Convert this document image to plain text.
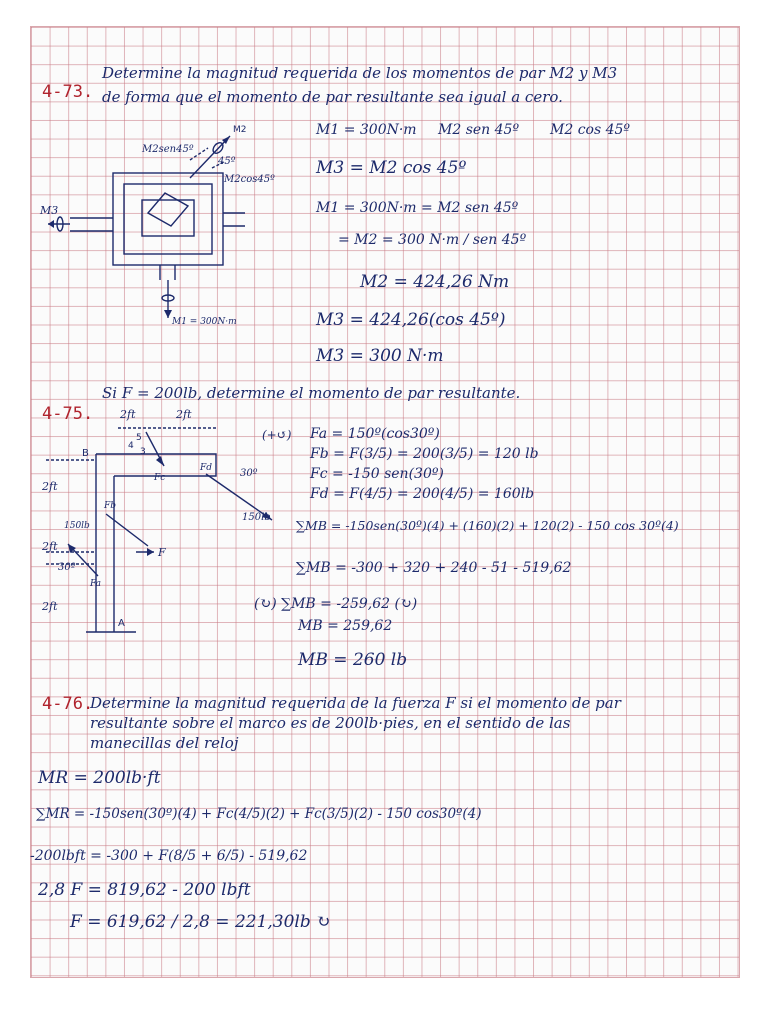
4-73.
Determine la magnitud requerida de los momentos de par M2 y M3
de forma que el momento de par resultante sea igual a cero.
M2
M2sen45º
45º
M2cos45º
M3
M1 = 300N·m
M1 = 300N·m M2 sen 45º M2 cos 45º
M3 = M2 cos 45º
M1 = 300N·m = M2 sen 45º
= M2 = 300 N·m / sen 45º
M2 = 424,26 Nm
M3 = 424,26(cos 45º)
M3 = 300 N·m
4-75.
Si F = 200lb, determine el momento de par resultante.
2ft	2ft
2ft
2ft
2ft
B
A
5
4
3
30º
30º
150lb
150lb
F
Fa
Fb
Fc
Fd
(+↺) Fa = 150º(cos30º)
Fb = F(3/5) = 200(3/5) = 120 lb
Fc = -150 sen(30º)
Fd = F(4/5) = 200(4/5) = 160lb
∑MB = -150sen(30º)(4) + (160)(2) + 120(2) - 150 cos 30º(4)
∑MB = -300 + 320 + 240 - 51 - 519,62
(↻) ∑MB = -259,62 (↻)
MB = 259,62
MB = 260 lb
4-76.
Determine la magnitud requerida de la fuerza F si el momento de par
resultante sobre el marco es de 200lb·pies, en el sentido de las
manecillas del reloj
MR = 200lb·ft
∑MR = -150sen(30º)(4) + Fc(4/5)(2) + Fc(3/5)(2) - 150 cos30º(4)
-200lbft = -300 + F(8/5 + 6/5) - 519,62
2,8 F = 819,62 - 200 lbft
F = 619,62 / 2,8 = 221,30lb ↻
